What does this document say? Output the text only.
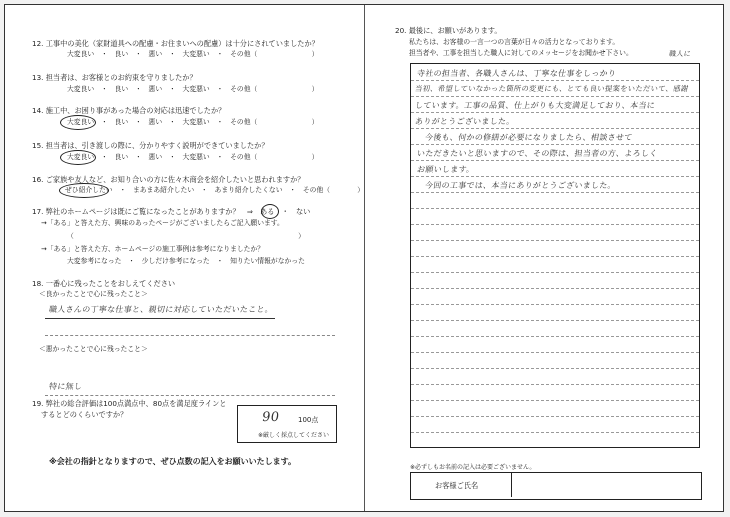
12. 工事中の美化（家財道具への配慮・お住まいへの配慮）は十分にされていましたか？
大変良い　・　良い　・　悪い　・　大変悪い　・　その他（　　　　　　　　）
13. 担当者は、お客様とのお約束を守りましたか？
大変良い　・　良い　・　悪い　・　大変悪い　・　その他（　　　　　　　　）
14. 施工中、お困り事があった場合の対応は迅速でしたか？
大変良い　・　良い　・　悪い　・　大変悪い　・　その他（　　　　　　　　）
15. 担当者は、引き渡しの際に、分かりやすく説明ができていましたか？
大変良い　・　良い　・　悪い　・　大変悪い　・　その他（　　　　　　　　）
16. ご家族や友人など、お知り合いの方に佐々木商会を紹介したいと思われますか？
ぜひ紹介したい　・　まあまあ紹介したい　・　あまり紹介したくない　・　その他（　　　　）
17. 弊社のホームページは既にご覧になったことがありますか？　⇒　ある　・　ない
→「ある」と答えた方、興味のあったページがございましたらご記入願います。
（　　　　　　　　　　　　　　　　　　　　　　　　　　　　　　　　　）
→「ある」と答えた方、ホームページの施工事例は参考になりましたか？
大変参考になった　・　少しだけ参考になった　・　知りたい情報がなかった
18. 一番心に残ったことをおしえてください
＜良かったことで心に残ったこと＞
職人さんの丁寧な仕事と、親切に対応していただいたこと。
＜悪かったことで心に残ったこと＞
特に無し
19. 弊社の総合評価は100点満点中、80点を満足度ラインと
するとどのくらいですか？	90	100点
※厳しく採点してください
※会社の指針となりますので、ぜひ点数の記入をお願いいたします。
20. 最後に、お願いがあります。
私たちは、お客様の一言一つの言葉が日々の活力となっております。
担当者や、工事を担当した職人に対してのメッセージをお聞かせ下さい。	職人に
寺社の担当者、各職人さんは、丁寧な仕事をしっかり
当初、希望していなかった箇所の変更にも、とても良い提案をいただいて、感謝
しています。工事の品質、仕上がりも大変満足しており、本当に
ありがとうございました。
今後も、何かの修繕が必要になりましたら、相談させて
いただきたいと思いますので、その際は、担当者の方、よろしく
お願いします。
今回の工事では、本当にありがとうございました。
※必ずしもお名前の記入は必要ございません。
お客様ご氏名
